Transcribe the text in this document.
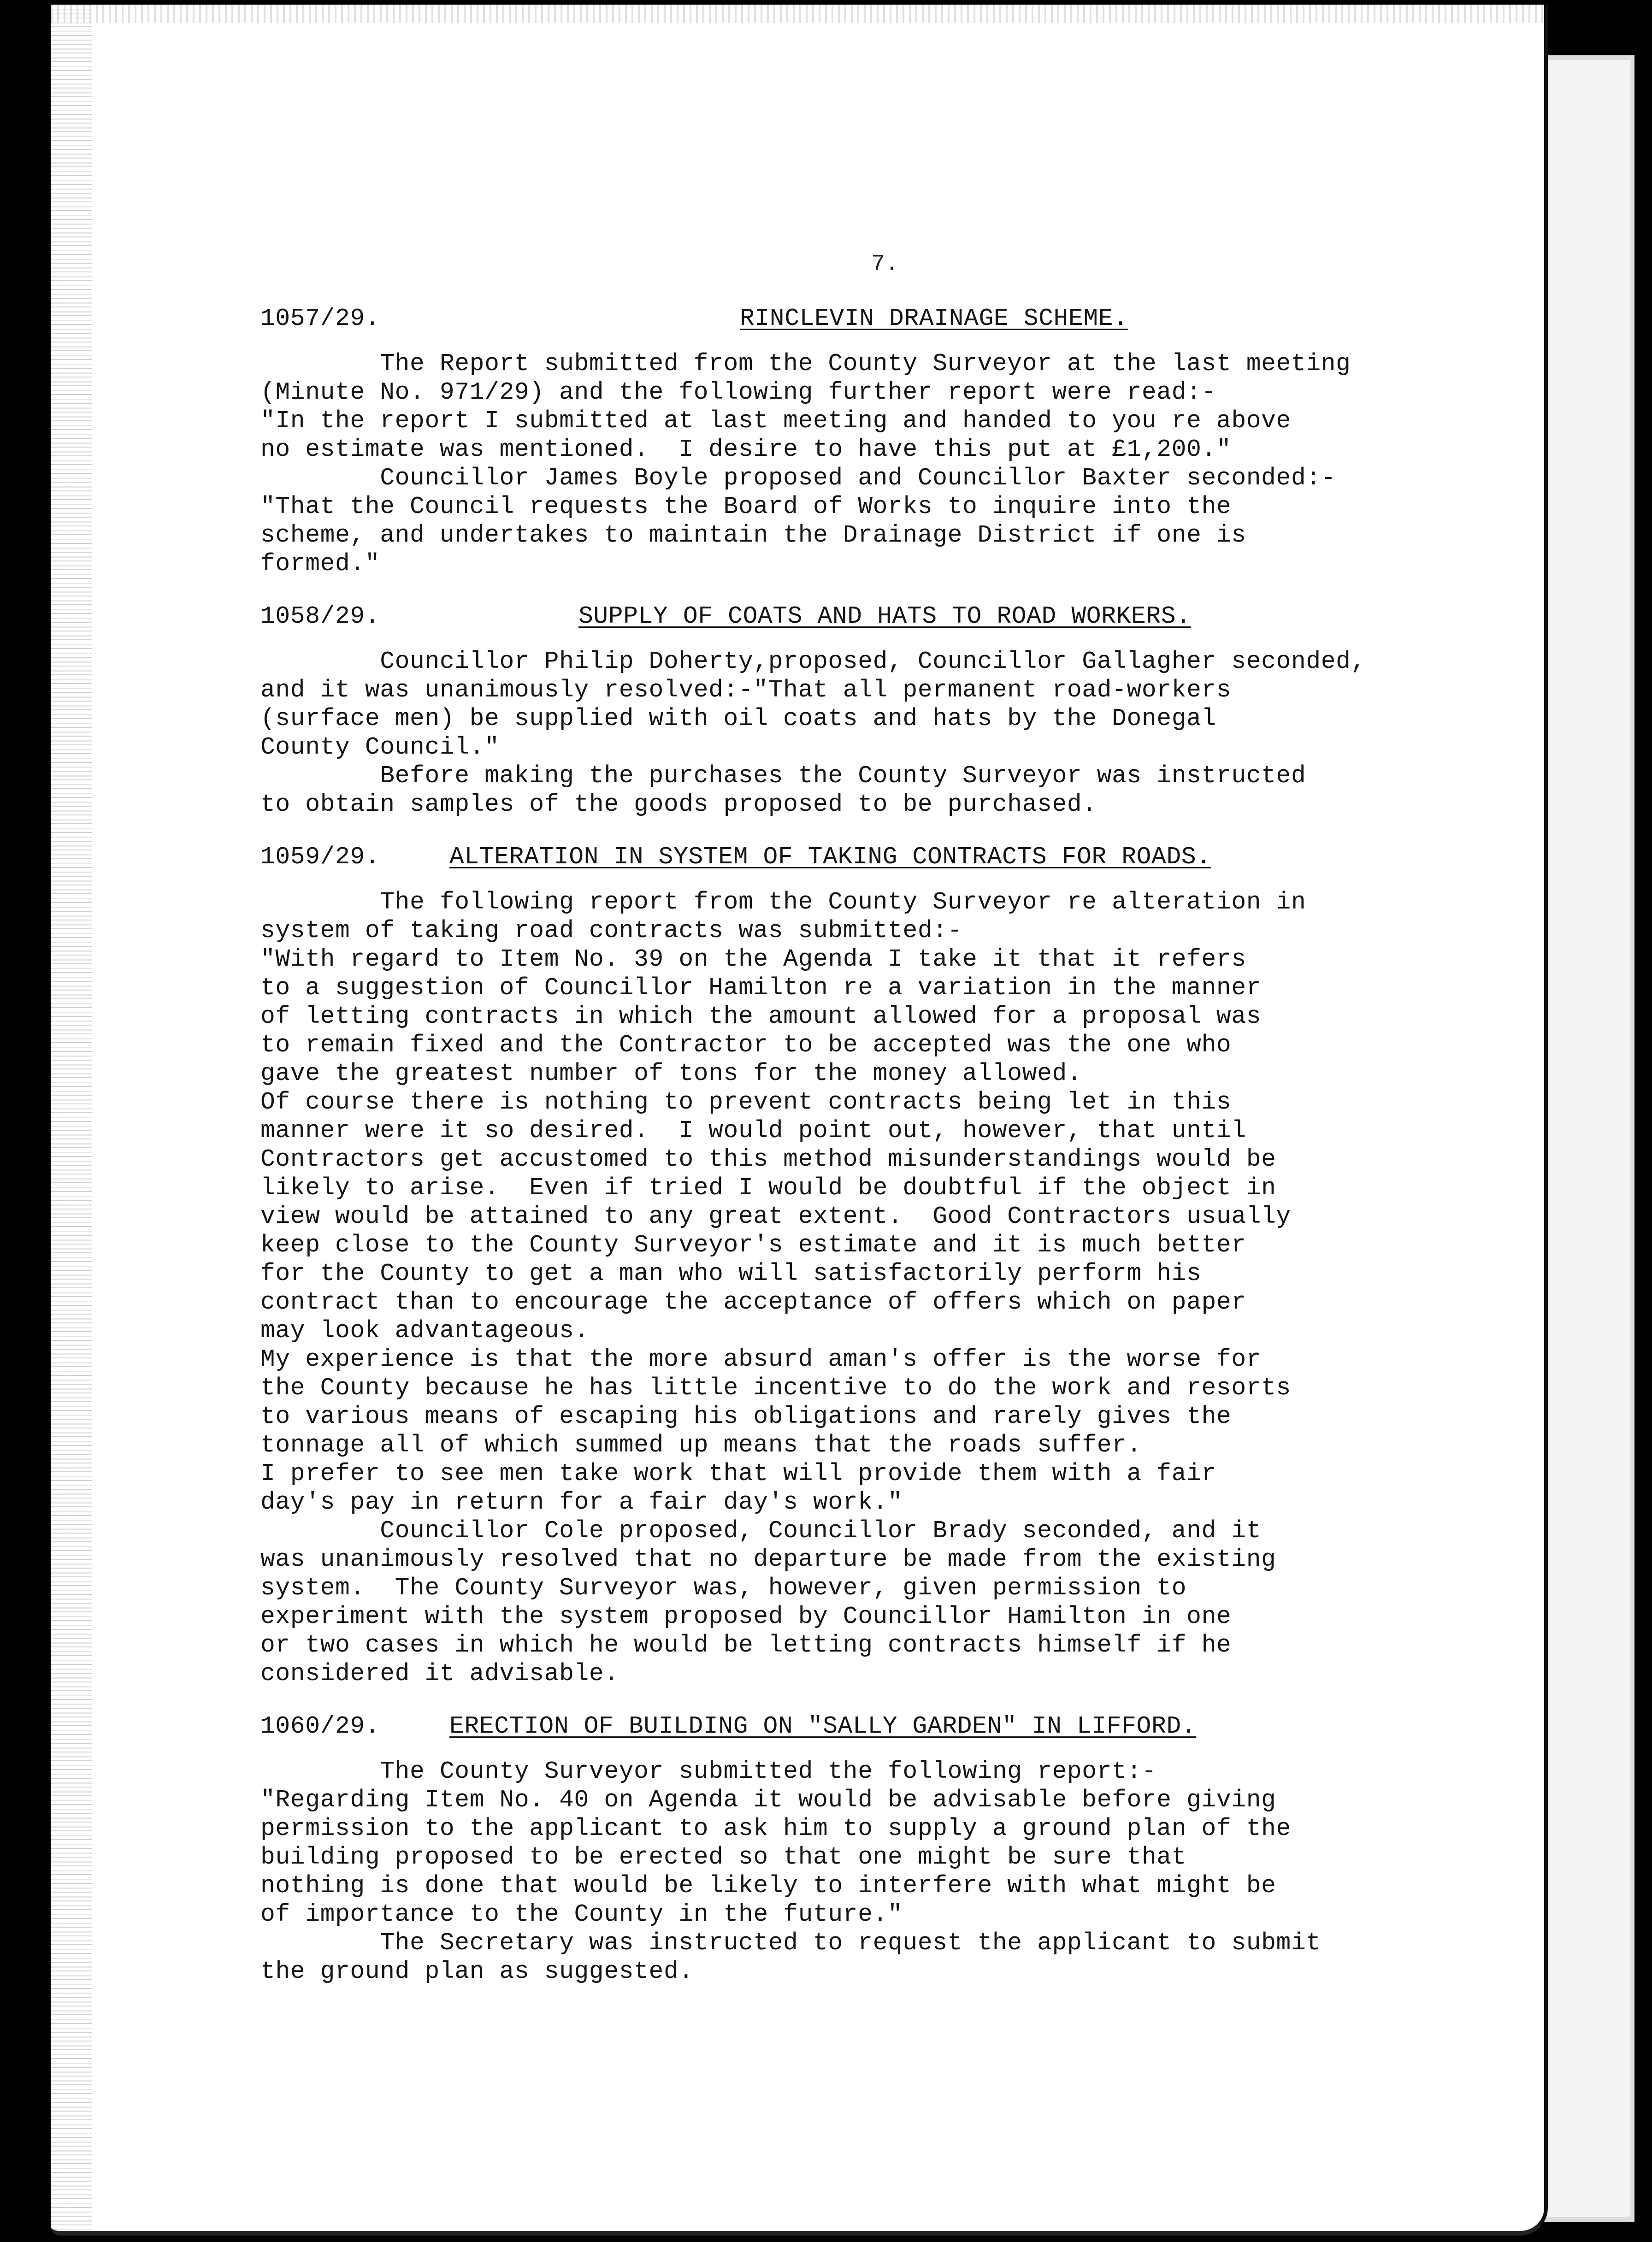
7.
1057/29.	RINCLEVIN DRAINAGE SCHEME.
The Report submitted from the County Surveyor at the last meeting
(Minute No. 971/29) and the following further report were read:-
"In the report I submitted at last meeting and handed to you re above
no estimate was mentioned.  I desire to have this put at £1,200."
Councillor James Boyle proposed and Councillor Baxter seconded:-
"That the Council requests the Board of Works to inquire into the
scheme, and undertakes to maintain the Drainage District if one is
formed."
1058/29.	SUPPLY OF COATS AND HATS TO ROAD WORKERS.
Councillor Philip Doherty,proposed, Councillor Gallagher seconded,
and it was unanimously resolved:-"That all permanent road-workers
(surface men) be supplied with oil coats and hats by the Donegal
County Council."
Before making the purchases the County Surveyor was instructed
to obtain samples of the goods proposed to be purchased.
1059/29.	ALTERATION IN SYSTEM OF TAKING CONTRACTS FOR ROADS.
The following report from the County Surveyor re alteration in
system of taking road contracts was submitted:-
"With regard to Item No. 39 on the Agenda I take it that it refers
to a suggestion of Councillor Hamilton re a variation in the manner
of letting contracts in which the amount allowed for a proposal was
to remain fixed and the Contractor to be accepted was the one who
gave the greatest number of tons for the money allowed.
Of course there is nothing to prevent contracts being let in this
manner were it so desired.  I would point out, however, that until
Contractors get accustomed to this method misunderstandings would be
likely to arise.  Even if tried I would be doubtful if the object in
view would be attained to any great extent.  Good Contractors usually
keep close to the County Surveyor's estimate and it is much better
for the County to get a man who will satisfactorily perform his
contract than to encourage the acceptance of offers which on paper
may look advantageous.
My experience is that the more absurd aman's offer is the worse for
the County because he has little incentive to do the work and resorts
to various means of escaping his obligations and rarely gives the
tonnage all of which summed up means that the roads suffer.
I prefer to see men take work that will provide them with a fair
day's pay in return for a fair day's work."
Councillor Cole proposed, Councillor Brady seconded, and it
was unanimously resolved that no departure be made from the existing
system.  The County Surveyor was, however, given permission to
experiment with the system proposed by Councillor Hamilton in one
or two cases in which he would be letting contracts himself if he
considered it advisable.
1060/29.	ERECTION OF BUILDING ON "SALLY GARDEN" IN LIFFORD.
The County Surveyor submitted the following report:-
"Regarding Item No. 40 on Agenda it would be advisable before giving
permission to the applicant to ask him to supply a ground plan of the
building proposed to be erected so that one might be sure that
nothing is done that would be likely to interfere with what might be
of importance to the County in the future."
The Secretary was instructed to request the applicant to submit
the ground plan as suggested.
